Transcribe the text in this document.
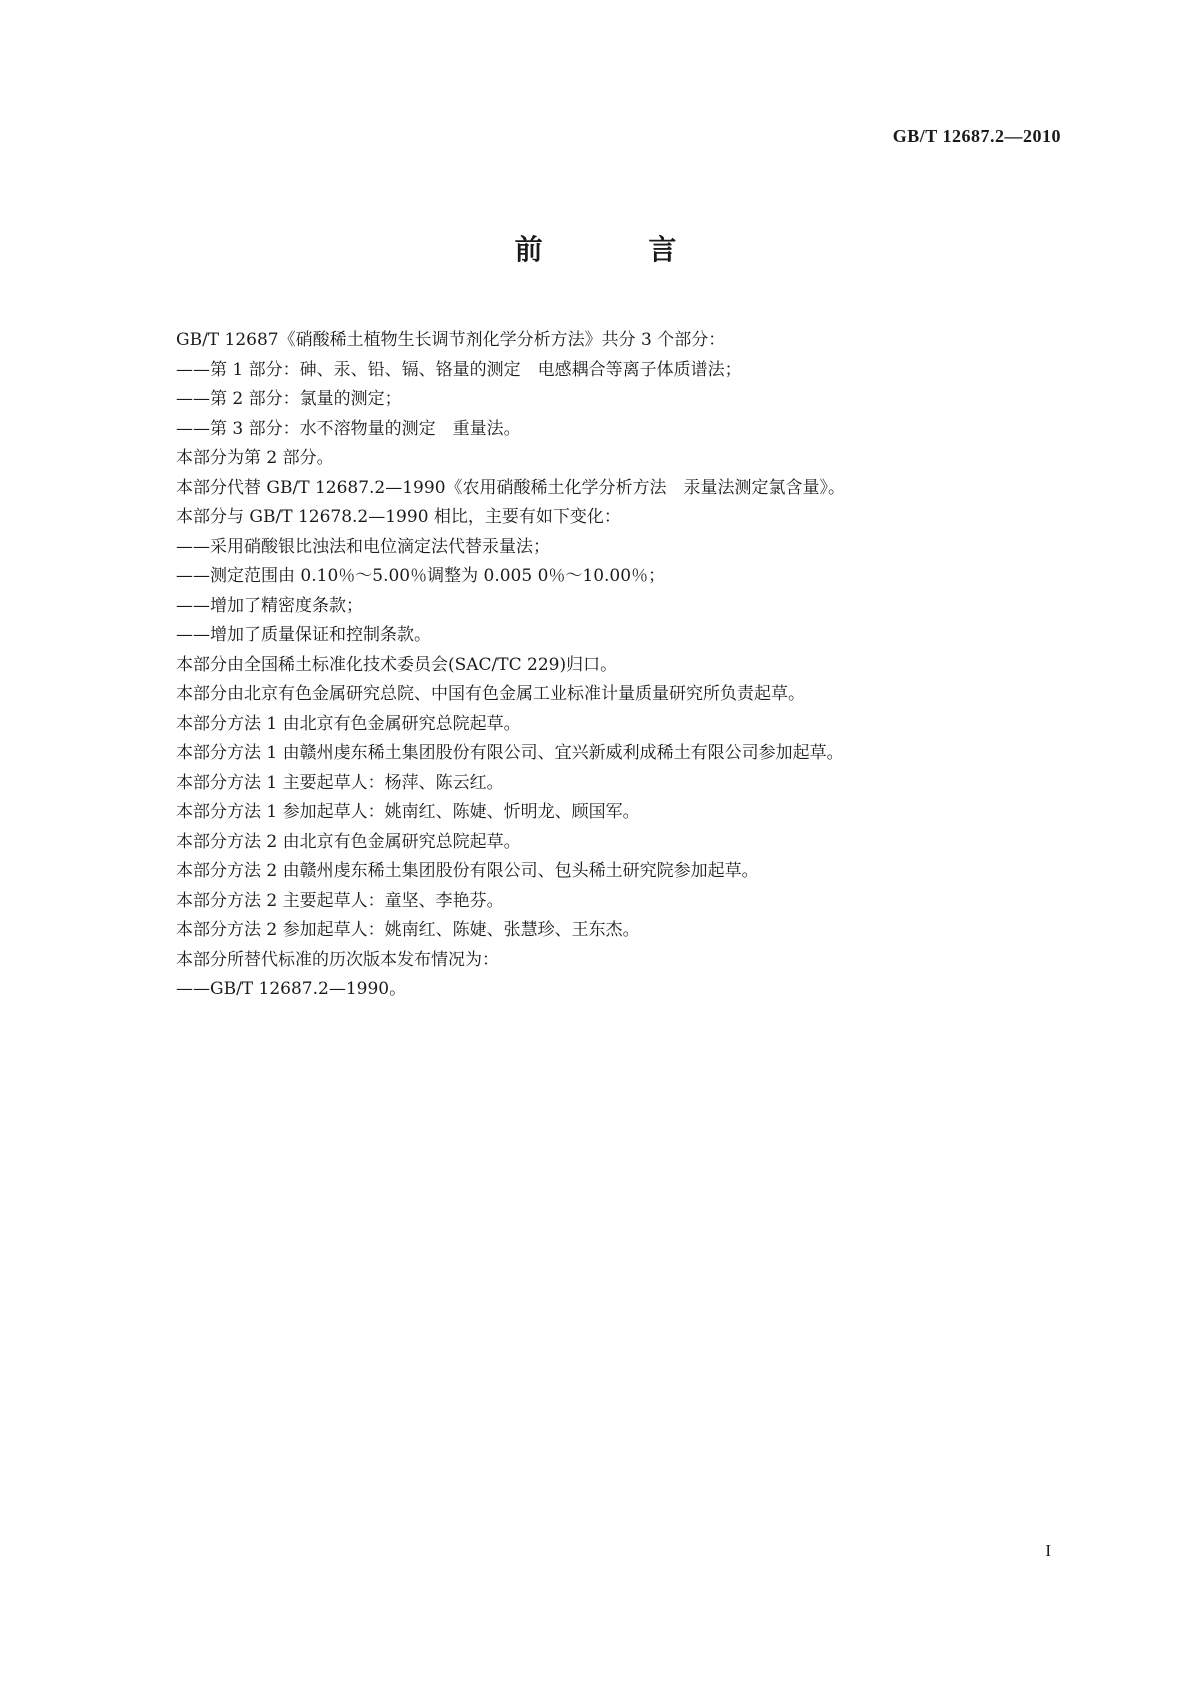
GB/T 12687.2—2010
前 言

GB/T 12687《硝酸稀土植物生长调节剂化学分析方法》共分 3 个部分：

——第 1 部分：砷、汞、铅、镉、铬量的测定　电感耦合等离子体质谱法；

——第 2 部分：氯量的测定；

——第 3 部分：水不溶物量的测定　重量法。

本部分为第 2 部分。

本部分代替 GB/T 12687.2—1990《农用硝酸稀土化学分析方法　汞量法测定氯含量》。

本部分与 GB/T 12678.2—1990 相比，主要有如下变化：

——采用硝酸银比浊法和电位滴定法代替汞量法；

——测定范围由 0.10％～5.00％调整为 0.005 0％～10.00％；

——增加了精密度条款；

——增加了质量保证和控制条款。

本部分由全国稀土标准化技术委员会(SAC/TC 229)归口。

本部分由北京有色金属研究总院、中国有色金属工业标准计量质量研究所负责起草。

本部分方法 1 由北京有色金属研究总院起草。

本部分方法 1 由赣州虔东稀土集团股份有限公司、宜兴新威利成稀土有限公司参加起草。

本部分方法 1 主要起草人：杨萍、陈云红。

本部分方法 1 参加起草人：姚南红、陈婕、忻明龙、顾国军。

本部分方法 2 由北京有色金属研究总院起草。

本部分方法 2 由赣州虔东稀土集团股份有限公司、包头稀土研究院参加起草。

本部分方法 2 主要起草人：童坚、李艳芬。

本部分方法 2 参加起草人：姚南红、陈婕、张慧珍、王东杰。

本部分所替代标准的历次版本发布情况为：

——GB/T 12687.2—1990。

I
